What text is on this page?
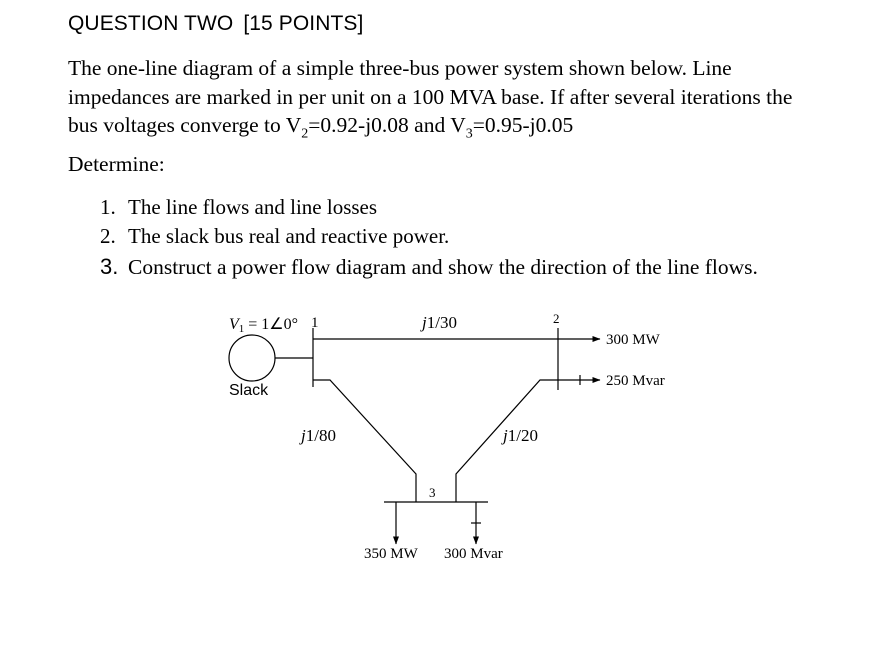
QUESTION TWO [15 POINTS]
The one-line diagram of a simple three-bus power system shown below. Line
impedances are marked in per unit on a 100 MVA base. If after several iterations the
bus voltages converge to $V_2=0.92-j0.08$ and $V_3=0.95-j0.05$
Determine:
1. The line flows and line losses
2. The slack bus real and reactive power.
3. Construct a power flow diagram and show the direction of the line flows.
V1 = 1∠0° 1	2
3
Slack
j1/30
j1/80	j1/20
300 MW
250 Mvar
350 MW 300 Mvar
